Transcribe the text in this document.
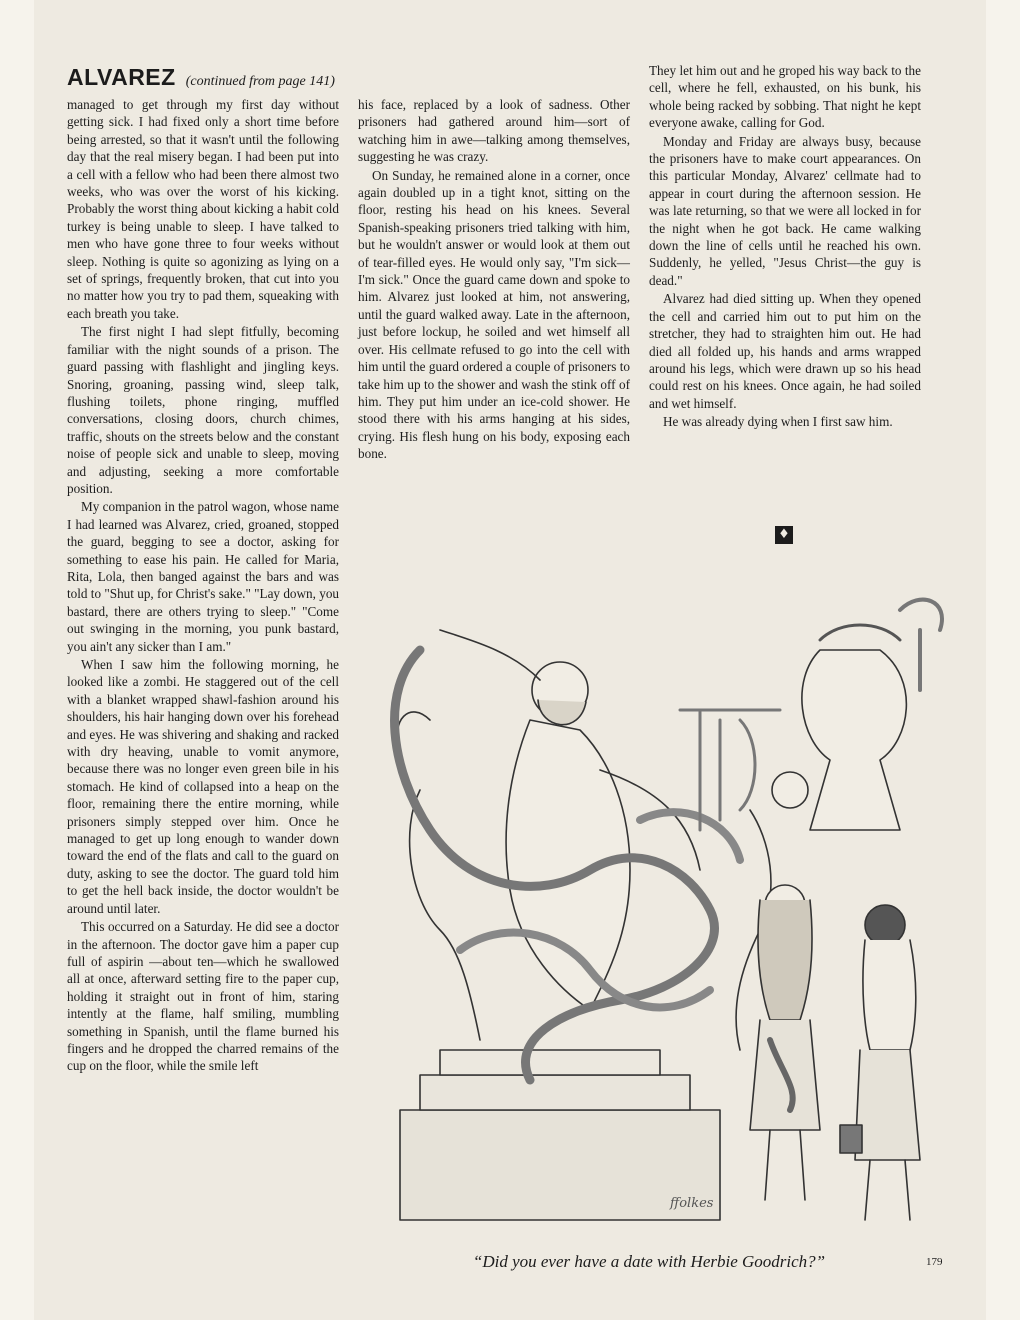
ALVAREZ (continued from page 141)

managed to get through my first day without getting sick. I had fixed only a short time before being arrested, so that it wasn't until the following day that the real misery began. I had been put into a cell with a fellow who had been there almost two weeks, who was over the worst of his kicking. Probably the worst thing about kicking a habit cold turkey is being unable to sleep. I have talked to men who have gone three to four weeks without sleep. Nothing is quite so agonizing as lying on a set of springs, frequently broken, that cut into you no matter how you try to pad them, squeaking with each breath you take.

The first night I had slept fitfully, becoming familiar with the night sounds of a prison. The guard passing with flashlight and jingling keys. Snoring, groaning, passing wind, sleep talk, flushing toilets, phone ringing, muffled conversations, closing doors, church chimes, traffic, shouts on the streets below and the constant noise of people sick and unable to sleep, moving and adjusting, seeking a more comfortable position.

My companion in the patrol wagon, whose name I had learned was Alvarez, cried, groaned, stopped the guard, begging to see a doctor, asking for something to ease his pain. He called for Maria, Rita, Lola, then banged against the bars and was told to "Shut up, for Christ's sake." "Lay down, you bastard, there are others trying to sleep." "Come out swinging in the morning, you punk bastard, you ain't any sicker than I am."

When I saw him the following morning, he looked like a zombi. He staggered out of the cell with a blanket wrapped shawl-fashion around his shoulders, his hair hanging down over his forehead and eyes. He was shivering and shaking and racked with dry heaving, unable to vomit anymore, because there was no longer even green bile in his stomach. He kind of collapsed into a heap on the floor, remaining there the entire morning, while prisoners simply stepped over him. Once he managed to get up long enough to wander down toward the end of the flats and call to the guard on duty, asking to see the doctor. The guard told him to get the hell back inside, the doctor wouldn't be around until later.

This occurred on a Saturday. He did see a doctor in the afternoon. The doctor gave him a paper cup full of aspirin —about ten—which he swallowed all at once, afterward setting fire to the paper cup, holding it straight out in front of him, staring intently at the flame, half smiling, mumbling something in Spanish, until the flame burned his fingers and he dropped the charred remains of the cup on the floor, while the smile left

his face, replaced by a look of sadness. Other prisoners had gathered around him—sort of watching him in awe—talking among themselves, suggesting he was crazy.

On Sunday, he remained alone in a corner, once again doubled up in a tight knot, sitting on the floor, resting his head on his knees. Several Spanish-speaking prisoners tried talking with him, but he wouldn't answer or would look at them out of tear-filled eyes. He would only say, "I'm sick—I'm sick." Once the guard came down and spoke to him. Alvarez just looked at him, not answering, until the guard walked away. Late in the afternoon, just before lockup, he soiled and wet himself all over. His cellmate refused to go into the cell with him until the guard ordered a couple of prisoners to take him up to the shower and wash the stink off of him. They put him under an ice-cold shower. He stood there with his arms hanging at his sides, crying. His flesh hung on his body, exposing each bone.

They let him out and he groped his way back to the cell, where he fell, exhausted, on his bunk, his whole being racked by sobbing. That night he kept everyone awake, calling for God.

Monday and Friday are always busy, because the prisoners have to make court appearances. On this particular Monday, Alvarez' cellmate had to appear in court during the afternoon session. He was late returning, so that we were all locked in for the night when he got back. He came walking down the line of cells until he reached his own. Suddenly, he yelled, "Jesus Christ—the guy is dead."

Alvarez had died sitting up. When they opened the cell and carried him out to put him on the stretcher, they had to straighten him out. He had died all folded up, his hands and arms wrapped around his legs, which were drawn up so his head could rest on his knees. Once again, he had soiled and wet himself.

He was already dying when I first saw him.

♦
ffolkes
“Did you ever have a date with Herbie Goodrich?”	179
